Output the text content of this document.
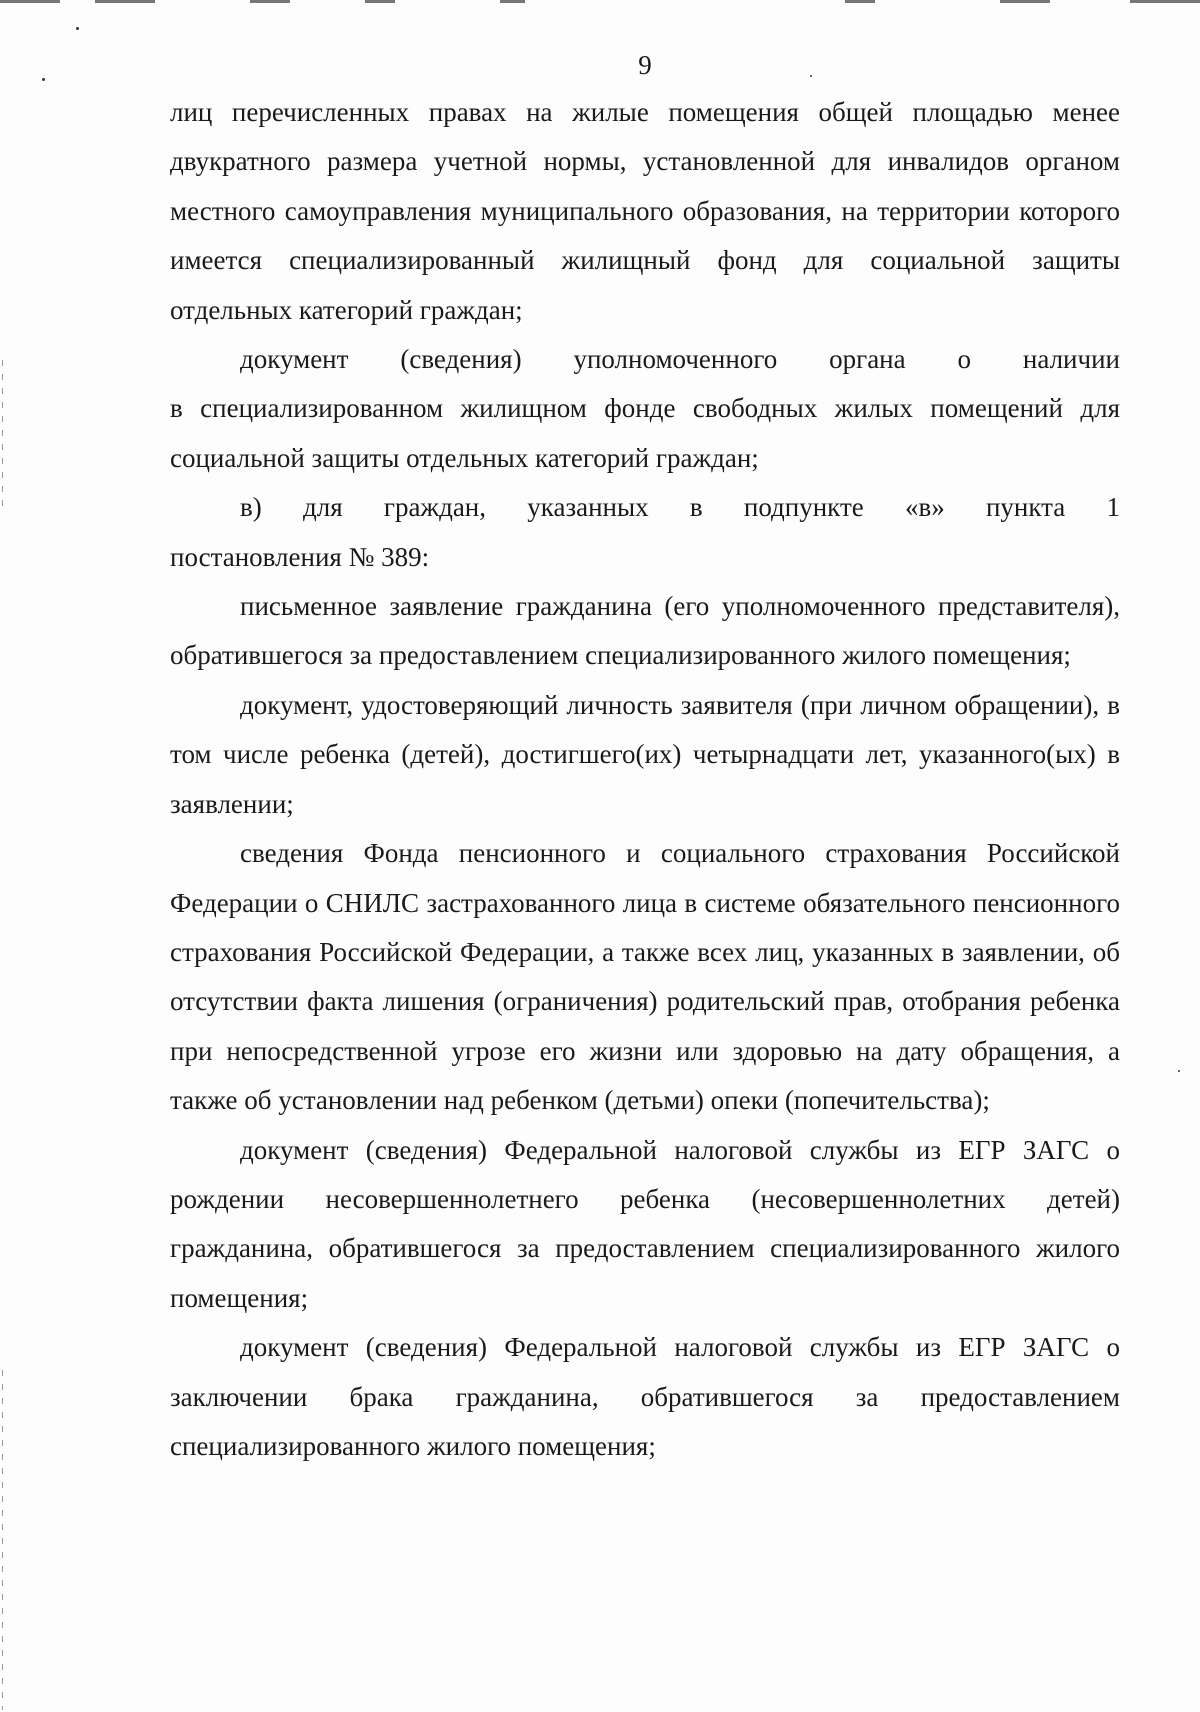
9

лиц перечисленных правах на жилые помещения общей площадью менее двукратного размера учетной нормы, установленной для инвалидов органом местного самоуправления муниципального образования, на территории которого имеется специализированный жилищный фонд для социальной защиты отдельных категорий граждан;

документ (сведения) уполномоченного органа о наличии

в специализированном жилищном фонде свободных жилых помещений для социальной защиты отдельных категорий граждан;

в) для граждан, указанных в подпункте «в» пункта 1

постановления № 389:

письменное заявление гражданина (его уполномоченного представителя), обратившегося за предоставлением специализированного жилого помещения;

документ, удостоверяющий личность заявителя (при личном обращении), в том числе ребенка (детей), достигшего(их) четырнадцати лет, указанного(ых) в заявлении;

сведения Фонда пенсионного и социального страхования Российской Федерации о СНИЛС застрахованного лица в системе обязательного пенсионного страхования Российской Федерации, а также всех лиц, указанных в заявлении, об отсутствии факта лишения (ограничения) родительский прав, отобрания ребенка при непосредственной угрозе его жизни или здоровью на дату обращения, а также об установлении над ребенком (детьми) опеки (попечительства);

документ (сведения) Федеральной налоговой службы из ЕГР ЗАГС о рождении несовершеннолетнего ребенка (несовершеннолетних детей) гражданина, обратившегося за предоставлением специализированного жилого помещения;

документ (сведения) Федеральной налоговой службы из ЕГР ЗАГС о заключении брака гражданина, обратившегося за предоставлением специализированного жилого помещения;
